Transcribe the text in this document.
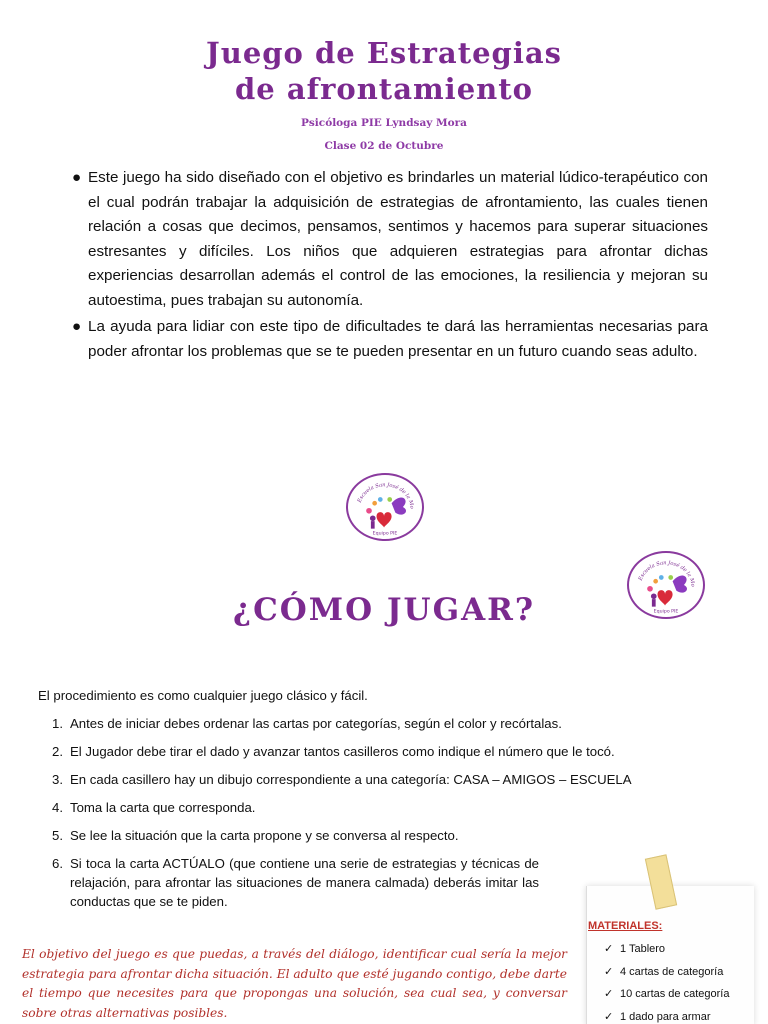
Juego de Estrategias
de afrontamiento
Psicóloga PIE Lyndsay Mora
Clase 02 de Octubre
● Este juego ha sido diseñado con el objetivo es brindarles un material lúdico-terapéutico con el cual podrán trabajar la adquisición de estrategias de afrontamiento, las cuales tienen relación a cosas que decimos, pensamos, sentimos y hacemos para superar situaciones estresantes y difíciles. Los niños que adquieren estrategias para afrontar dichas experiencias desarrollan además el control de las emociones, la resiliencia y mejoran su autoestima, pues trabajan su autonomía.
● La ayuda para lidiar con este tipo de dificultades te dará las herramientas necesarias para poder afrontar los problemas que se te pueden presentar en un futuro cuando seas adulto.
Escuela San José de la Mo
Equipo PIE
Escuela San José de la Mo
Equipo PIE
¿CÓMO JUGAR?
El procedimiento es como cualquier juego clásico y fácil.
1. Antes de iniciar debes ordenar las cartas por categorías, según el color y recórtalas.
2. El Jugador debe tirar el dado y avanzar tantos casilleros como indique el número que le tocó.
3. En cada casillero hay un dibujo correspondiente a una categoría: CASA – AMIGOS – ESCUELA
4. Toma la carta que corresponda.
5. Se lee la situación que la carta propone y se conversa al respecto.
6. Si toca la carta ACTÚALO (que contiene una serie de estrategias y técnicas de relajación, para afrontar las situaciones de manera calmada) deberás imitar las conductas que se te piden.
El objetivo del juego es que puedas, a través del diálogo, identificar cual sería la mejor estrategia para afrontar dicha situación. El adulto que esté jugando contigo, debe darte el tiempo que necesites para que propongas una solución, sea cual sea, y conversar sobre otras alternativas posibles.
MATERIALES:
✓ 1 Tablero
✓ 4 cartas de categoría
✓ 10 cartas de categoría
✓ 1 dado para armar
